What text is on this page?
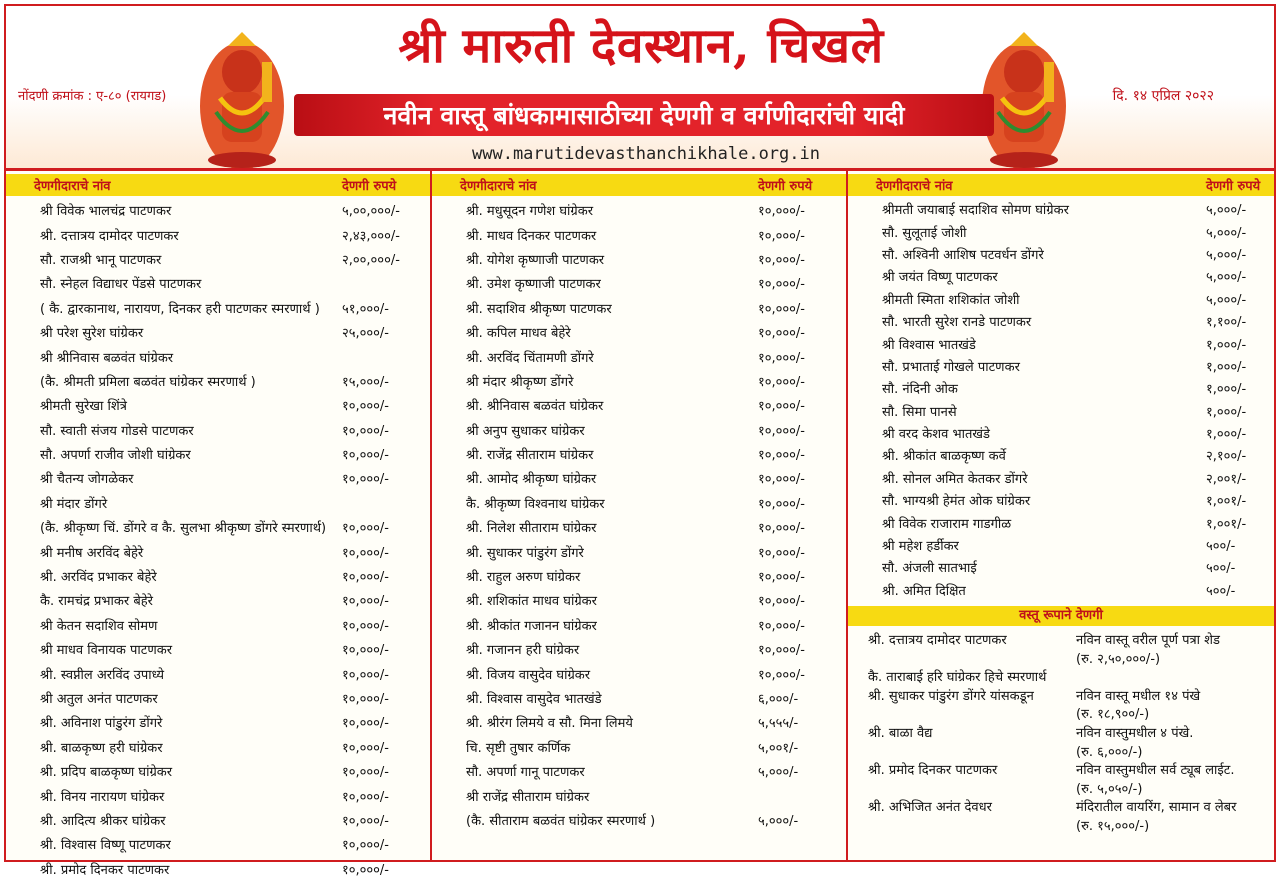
नोंदणी क्रमांक : ए-८० (रायगड)	दि. १४ एप्रिल २०२२
श्री मारुती देवस्थान, चिखले
नवीन वास्तू बांधकामासाठीच्या देणगी व वर्गणीदारांची यादी
www.marutidevasthanchikhale.org.in
देणगीदाराचे नांव	देणगी रुपये
श्री विवेक भालचंद्र पाटणकर	५,००,०००/-
श्री. दत्तात्रय दामोदर पाटणकर	२,४३,०००/-
सौ. राजश्री भानू पाटणकर	२,००,०००/-
सौ. स्नेहल विद्याधर पेंडसे पाटणकर
( कै. द्वारकानाथ, नारायण, दिनकर हरी पाटणकर स्मरणार्थ ) ५१,०००/-
श्री परेश सुरेश घांग्रेकर	२५,०००/-
श्री श्रीनिवास बळवंत घांग्रेकर
(कै. श्रीमती प्रमिला बळवंत घांग्रेकर स्मरणार्थ )	१५,०००/-
श्रीमती सुरेखा शिंत्रे	१०,०००/-
सौ. स्वाती संजय गोडसे पाटणकर	१०,०००/-
सौ. अपर्णा राजीव जोशी घांग्रेकर	१०,०००/-
श्री चैतन्य जोगळेकर	१०,०००/-
श्री मंदार डोंगरे
(कै. श्रीकृष्ण चिं. डोंगरे व कै. सुलभा श्रीकृष्ण डोंगरे स्मरणार्थ) १०,०००/-
श्री मनीष अरविंद बेहेरे	१०,०००/-
श्री. अरविंद प्रभाकर बेहेरे	१०,०००/-
कै. रामचंद्र प्रभाकर बेहेरे	१०,०००/-
श्री केतन सदाशिव सोमण	१०,०००/-
श्री माधव विनायक पाटणकर	१०,०००/-
श्री. स्वप्नील अरविंद उपाध्ये	१०,०००/-
श्री अतुल अनंत पाटणकर	१०,०००/-
श्री. अविनाश पांडुरंग डोंगरे	१०,०००/-
श्री. बाळकृष्ण हरी घांग्रेकर	१०,०००/-
श्री. प्रदिप बाळकृष्ण घांग्रेकर	१०,०००/-
श्री. विनय नारायण घांग्रेकर	१०,०००/-
श्री. आदित्य श्रीकर घांग्रेकर	१०,०००/-
श्री. विश्वास विष्णू पाटणकर	१०,०००/-
श्री. प्रमोद दिनकर पाटणकर	१०,०००/-
देणगीदाराचे नांव	देणगी रुपये
श्री. मधुसूदन गणेश घांग्रेकर	१०,०००/-
श्री. माधव दिनकर पाटणकर	१०,०००/-
श्री. योगेश कृष्णाजी पाटणकर	१०,०००/-
श्री. उमेश कृष्णाजी पाटणकर	१०,०००/-
श्री. सदाशिव श्रीकृष्ण पाटणकर	१०,०००/-
श्री. कपिल माधव बेहेरे	१०,०००/-
श्री. अरविंद चिंतामणी डोंगरे	१०,०००/-
श्री मंदार श्रीकृष्ण डोंगरे	१०,०००/-
श्री. श्रीनिवास बळवंत घांग्रेकर	१०,०००/-
श्री अनुप सुधाकर घांग्रेकर	१०,०००/-
श्री. राजेंद्र सीताराम घांग्रेकर	१०,०००/-
श्री. आमोद श्रीकृष्ण घांग्रेकर	१०,०००/-
कै. श्रीकृष्ण विश्वनाथ घांग्रेकर	१०,०००/-
श्री. निलेश सीताराम घांग्रेकर	१०,०००/-
श्री. सुधाकर पांडुरंग डोंगरे	१०,०००/-
श्री. राहुल अरुण घांग्रेकर	१०,०००/-
श्री. शशिकांत माधव घांग्रेकर	१०,०००/-
श्री. श्रीकांत गजानन घांग्रेकर	१०,०००/-
श्री. गजानन हरी घांग्रेकर	१०,०००/-
श्री. विजय वासुदेव घांग्रेकर	१०,०००/-
श्री. विश्वास वासुदेव भातखंडे	६,०००/-
श्री. श्रीरंग लिमये व सौ. मिना लिमये	५,५५५/-
चि. सृष्टी तुषार कर्णिक	५,००१/-
सौ. अपर्णा गानू पाटणकर	५,०००/-
श्री राजेंद्र सीताराम घांग्रेकर
(कै. सीताराम बळवंत घांग्रेकर स्मरणार्थ )	५,०००/-
देणगीदाराचे नांव	देणगी रुपये
श्रीमती जयाबाई सदाशिव सोमण घांग्रेकर	५,०००/-
सौ. सुलूताई जोशी	५,०००/-
सौ. अश्विनी आशिष पटवर्धन डोंगरे	५,०००/-
श्री जयंत विष्णू पाटणकर	५,०००/-
श्रीमती स्मिता शशिकांत जोशी	५,०००/-
सौ. भारती सुरेश रानडे पाटणकर	१,१००/-
श्री विश्वास भातखंडे	१,०००/-
सौ. प्रभाताई गोखले पाटणकर	१,०००/-
सौ. नंदिनी ओक	१,०००/-
सौ. सिमा पानसे	१,०००/-
श्री वरद केशव भातखंडे	१,०००/-
श्री. श्रीकांत बाळकृष्ण कर्वे	२,१००/-
श्री. सोनल अमित केतकर डोंगरे	२,००१/-
सौ. भाग्यश्री हेमंत ओक घांग्रेकर	१,००१/-
श्री विवेक राजाराम गाडगीळ	१,००१/-
श्री महेश हर्डीकर	५००/-
सौ. अंजली सातभाई	५००/-
श्री. अमित दिक्षित	५००/-
वस्तू रूपाने देणगी
श्री. दत्तात्रय दामोदर पाटणकर	नविन वास्तू वरील पूर्ण पत्रा शेड
(रु. २,५०,०००/-)
कै. ताराबाई हरि घांग्रेकर हिचे स्मरणार्थ
श्री. सुधाकर पांडुरंग डोंगरे यांसकडून	नविन वास्तू मधील १४ पंखे
(रु. १८,९००/-)
श्री. बाळा वैद्य	नविन वास्तुमधील ४ पंखे.
(रु. ६,०००/-)
श्री. प्रमोद दिनकर पाटणकर	नविन वास्तुमधील सर्व ट्यूब लाईट.
(रु. ५,०५०/-)
श्री. अभिजित अनंत देवधर	मंदिरातील वायरिंग, सामान व लेबर
(रु. १५,०००/-)
